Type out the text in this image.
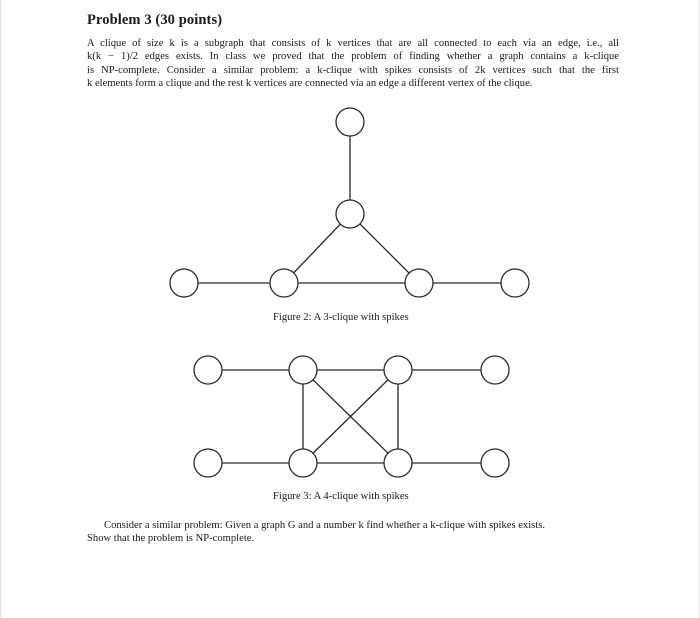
Problem 3 (30 points)
A clique of size k is a subgraph that consists of k vertices that are all connected to each via an edge, i.e., all
k(k − 1)/2 edges exists. In class we proved that the problem of finding whether a graph contains a k-clique
is NP-complete. Consider a similar problem: a k-clique with spikes consists of 2k vertices such that the first
k elements form a clique and the rest k vertices are connected via an edge a different vertex of the clique.
Figure 2: A 3-clique with spikes
Figure 3: A 4-clique with spikes
Consider a similar problem: Given a graph G and a number k find whether a k-clique with spikes exists.
Show that the problem is NP-complete.
